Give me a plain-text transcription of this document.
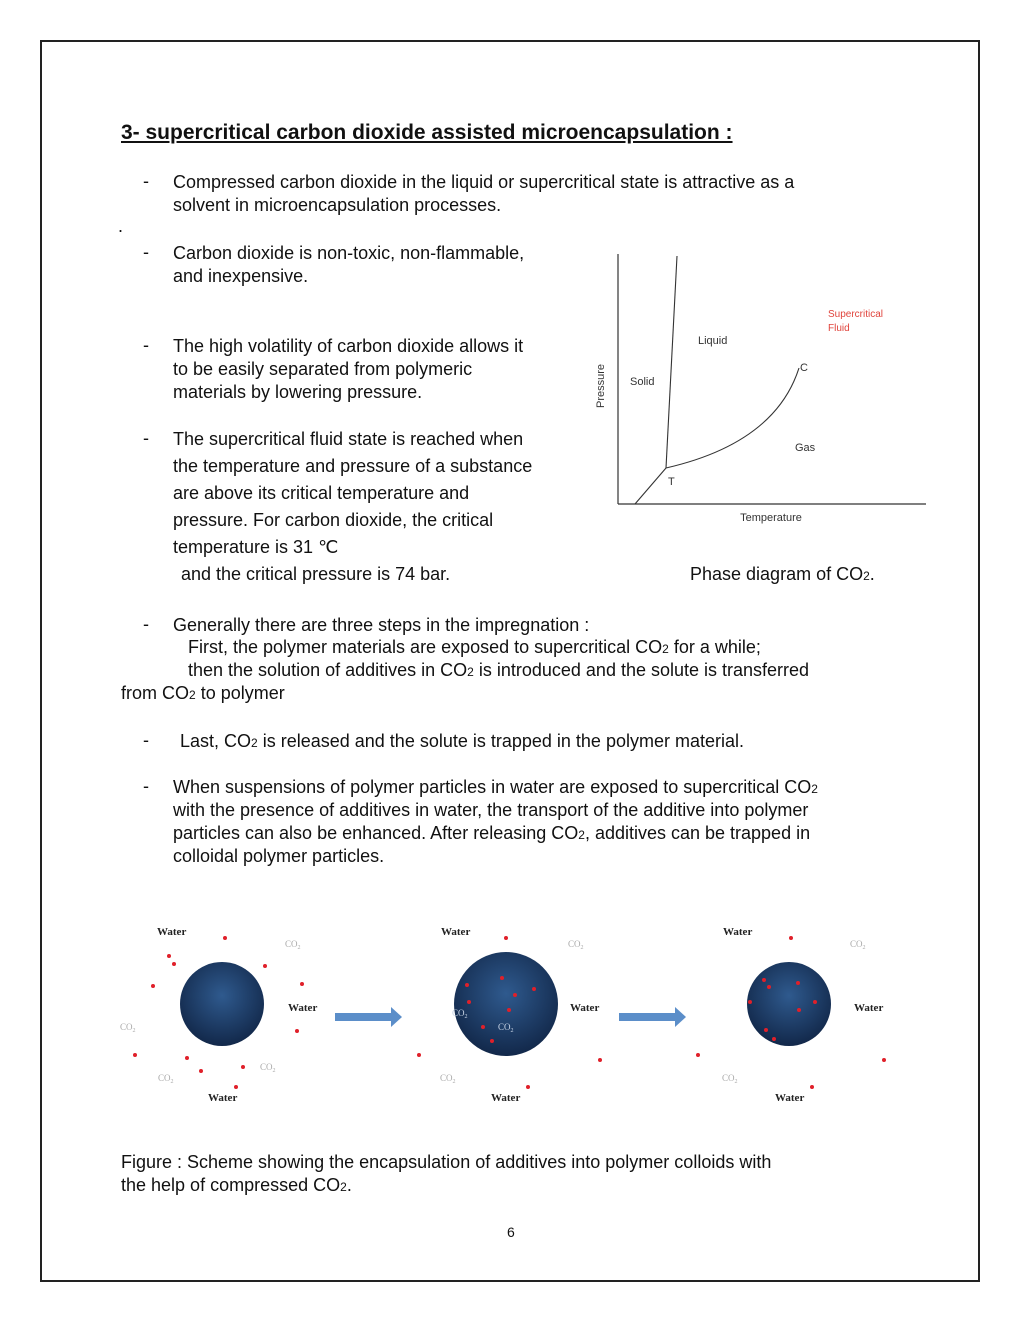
3- supercritical carbon dioxide assisted microencapsulation :
- Compressed carbon dioxide in the liquid or supercritical state is attractive as a
solvent in microencapsulation processes.
.
- Carbon dioxide is non-toxic, non-flammable,
and inexpensive.
- The high volatility of carbon dioxide allows it
to be easily separated from polymeric
materials by lowering pressure.
- The supercritical fluid state is reached when
the temperature and pressure of a substance
are above its critical temperature and
pressure. For carbon dioxide, the critical
temperature is 31 ℃
and the critical pressure is 74 bar.
Pressure
Temperature
Solid
Liquid
Gas
Supercritical
Fluid
C
T
Phase diagram of CO2.
- Generally there are three steps in the impregnation :
First, the polymer materials are exposed to supercritical CO2 for a while;
then the solution of additives in CO2 is introduced and the solute is transferred
from CO2 to polymer
- Last, CO2 is released and the solute is trapped in the polymer material.
- When suspensions of polymer particles in water are exposed to supercritical CO2
with the presence of additives in water, the transport of the additive into polymer
particles can also be enhanced. After releasing CO2, additives can be trapped in
colloidal polymer particles.
Water
Water
Water
$CO_2$
$CO_2$
$CO_2$
$CO_2$
Water
Water
Water
$CO_2$
$CO_2$
$CO_2$
$CO_2$
Water
Water
Water
$CO_2$
$CO_2$
Figure : Scheme showing the encapsulation of additives into polymer colloids with
the help of compressed CO2.
6
